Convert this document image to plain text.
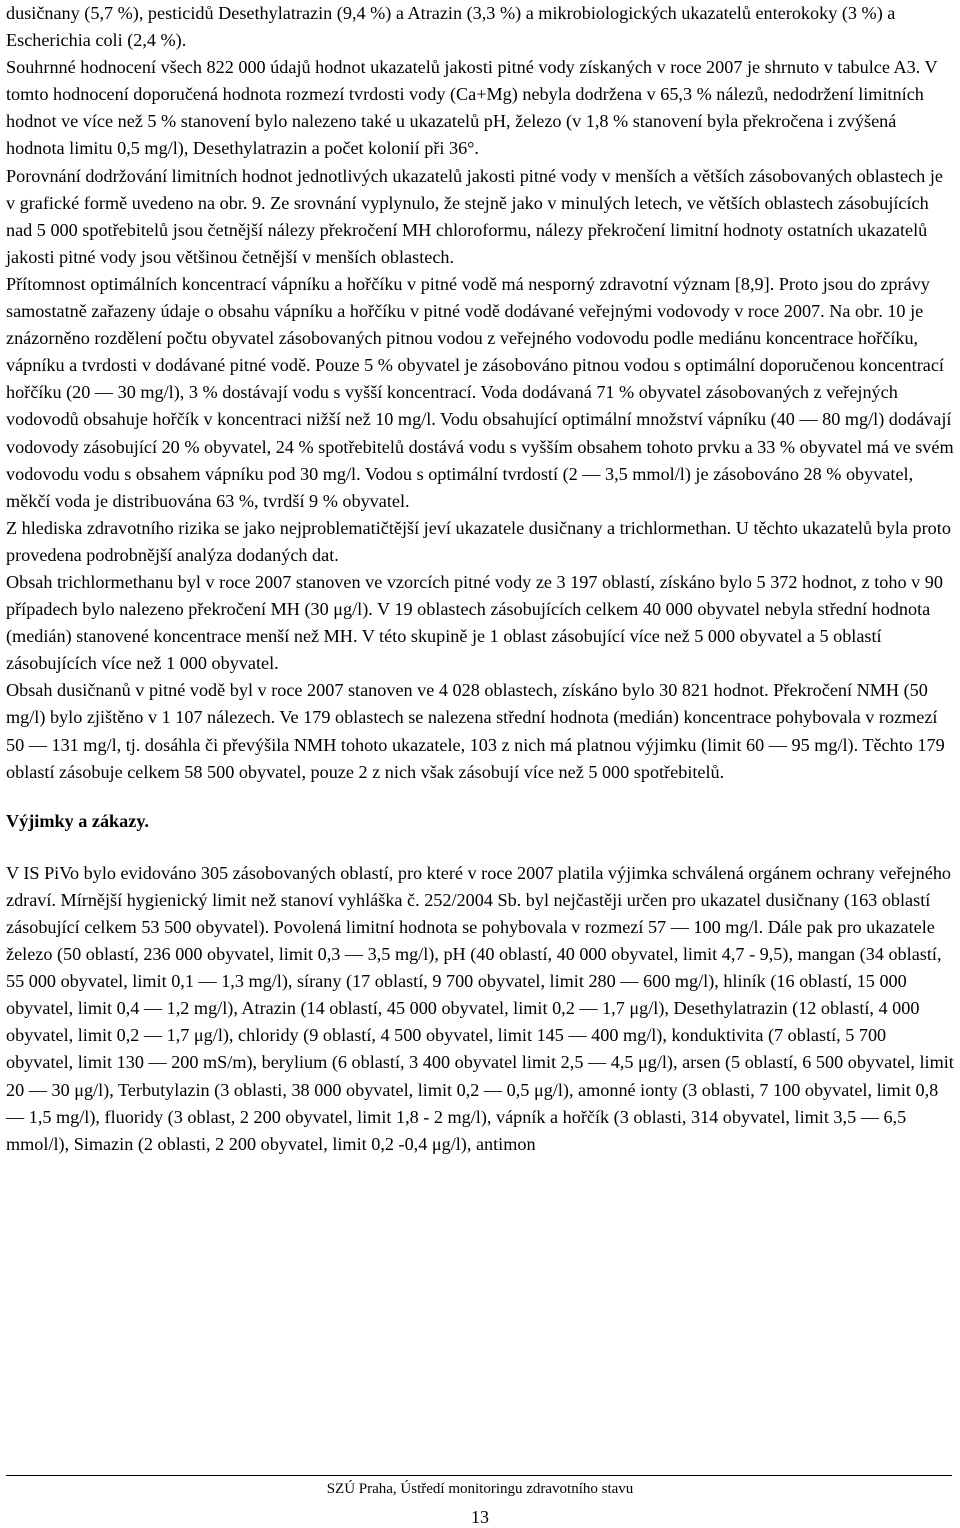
dusičnany (5,7 %), pesticidů Desethylatrazin (9,4 %) a Atrazin (3,3 %) a mikrobiologických ukazatelů enterokoky (3 %) a Escherichia coli (2,4 %).

Souhrnné hodnocení všech 822 000 údajů hodnot ukazatelů jakosti pitné vody získaných v roce 2007 je shrnuto v tabulce A3. V tomto hodnocení doporučená hodnota rozmezí tvrdosti vody (Ca+Mg) nebyla dodržena v 65,3 % nálezů, nedodržení limitních hodnot ve více než 5 % stanovení bylo nalezeno také u ukazatelů pH, železo (v 1,8 % stanovení byla překročena i zvýšená hodnota limitu 0,5 mg/l), Desethylatrazin a počet kolonií při 36°.

Porovnání dodržování limitních hodnot jednotlivých ukazatelů jakosti pitné vody v menších a větších zásobovaných oblastech je v grafické formě uvedeno na obr. 9. Ze srovnání vyplynulo, že stejně jako v minulých letech, ve větších oblastech zásobujících nad 5 000 spotřebitelů jsou četnější nálezy překročení MH chloroformu, nálezy překročení limitní hodnoty ostatních ukazatelů jakosti pitné vody jsou většinou četnější v menších oblastech.

Přítomnost optimálních koncentrací vápníku a hořčíku v pitné vodě má nesporný zdravotní význam [8,9]. Proto jsou do zprávy samostatně zařazeny údaje o obsahu vápníku a hořčíku v pitné vodě dodávané veřejnými vodovody v roce 2007. Na obr. 10 je znázorněno rozdělení počtu obyvatel zásobovaných pitnou vodou z veřejného vodovodu podle mediánu koncentrace hořčíku, vápníku a tvrdosti v dodávané pitné vodě. Pouze 5 % obyvatel je zásobováno pitnou vodou s optimální doporučenou koncentrací hořčíku (20 — 30 mg/l), 3 % dostávají vodu s vyšší koncentrací. Voda dodávaná 71 % obyvatel zásobovaných z veřejných vodovodů obsahuje hořčík v koncentraci nižší než 10 mg/l. Vodu obsahující optimální množství vápníku (40 — 80 mg/l) dodávají vodovody zásobující 20 % obyvatel, 24 % spotřebitelů dostává vodu s vyšším obsahem tohoto prvku a 33 % obyvatel má ve svém vodovodu vodu s obsahem vápníku pod 30 mg/l. Vodou s optimální tvrdostí (2 — 3,5 mmol/l) je zásobováno 28 % obyvatel, měkčí voda je distribuována 63 %, tvrdší 9 % obyvatel.

Z hlediska zdravotního rizika se jako nejproblematičtější jeví ukazatele dusičnany a trichlormethan. U těchto ukazatelů byla proto provedena podrobnější analýza dodaných dat.

Obsah trichlormethanu byl v roce 2007 stanoven ve vzorcích pitné vody ze 3 197 oblastí, získáno bylo 5 372 hodnot, z toho v 90 případech bylo nalezeno překročení MH (30 μg/l). V 19 oblastech zásobujících celkem 40 000 obyvatel nebyla střední hodnota (medián) stanovené koncentrace menší než MH. V této skupině je 1 oblast zásobující více než 5 000 obyvatel a 5 oblastí zásobujících více než 1 000 obyvatel.

Obsah dusičnanů v pitné vodě byl v roce 2007 stanoven ve 4 028 oblastech, získáno bylo 30 821 hodnot. Překročení NMH (50 mg/l) bylo zjištěno v 1 107 nálezech. Ve 179 oblastech se nalezena střední hodnota (medián) koncentrace pohybovala v rozmezí 50 — 131 mg/l, tj. dosáhla či převýšila NMH tohoto ukazatele, 103 z nich má platnou výjimku (limit 60 — 95 mg/l). Těchto 179 oblastí zásobuje celkem 58 500 obyvatel, pouze 2 z nich však zásobují více než 5 000 spotřebitelů.

Výjimky a zákazy.

V IS PiVo bylo evidováno 305 zásobovaných oblastí, pro které v roce 2007 platila výjimka schválená orgánem ochrany veřejného zdraví. Mírnější hygienický limit než stanoví vyhláška č. 252/2004 Sb. byl nejčastěji určen pro ukazatel dusičnany (163 oblastí zásobující celkem 53 500 obyvatel). Povolená limitní hodnota se pohybovala v rozmezí 57 — 100 mg/l. Dále pak pro ukazatele železo (50 oblastí, 236 000 obyvatel, limit 0,3 — 3,5 mg/l), pH (40 oblastí, 40 000 obyvatel, limit 4,7 - 9,5), mangan (34 oblastí, 55 000 obyvatel, limit 0,1 — 1,3 mg/l), sírany (17 oblastí, 9 700 obyvatel, limit 280 — 600 mg/l), hliník (16 oblastí, 15 000 obyvatel, limit 0,4 — 1,2 mg/l), Atrazin (14 oblastí, 45 000 obyvatel, limit 0,2 — 1,7 μg/l), Desethylatrazin (12 oblastí, 4 000 obyvatel, limit 0,2 — 1,7 μg/l), chloridy (9 oblastí, 4 500 obyvatel, limit 145 — 400 mg/l), konduktivita (7 oblastí, 5 700 obyvatel, limit 130 — 200 mS/m), berylium (6 oblastí, 3 400 obyvatel limit 2,5 — 4,5 μg/l), arsen (5 oblastí, 6 500 obyvatel, limit 20 — 30 μg/l), Terbutylazin (3 oblasti, 38 000 obyvatel, limit 0,2 — 0,5 μg/l), amonné ionty (3 oblasti, 7 100 obyvatel, limit 0,8 — 1,5 mg/l), fluoridy (3 oblast, 2 200 obyvatel, limit 1,8 - 2 mg/l), vápník a hořčík (3 oblasti, 314 obyvatel, limit 3,5 — 6,5 mmol/l), Simazin (2 oblasti, 2 200 obyvatel, limit 0,2 -0,4 μg/l), antimon

SZÚ Praha, Ústředí monitoringu zdravotního stavu
13
